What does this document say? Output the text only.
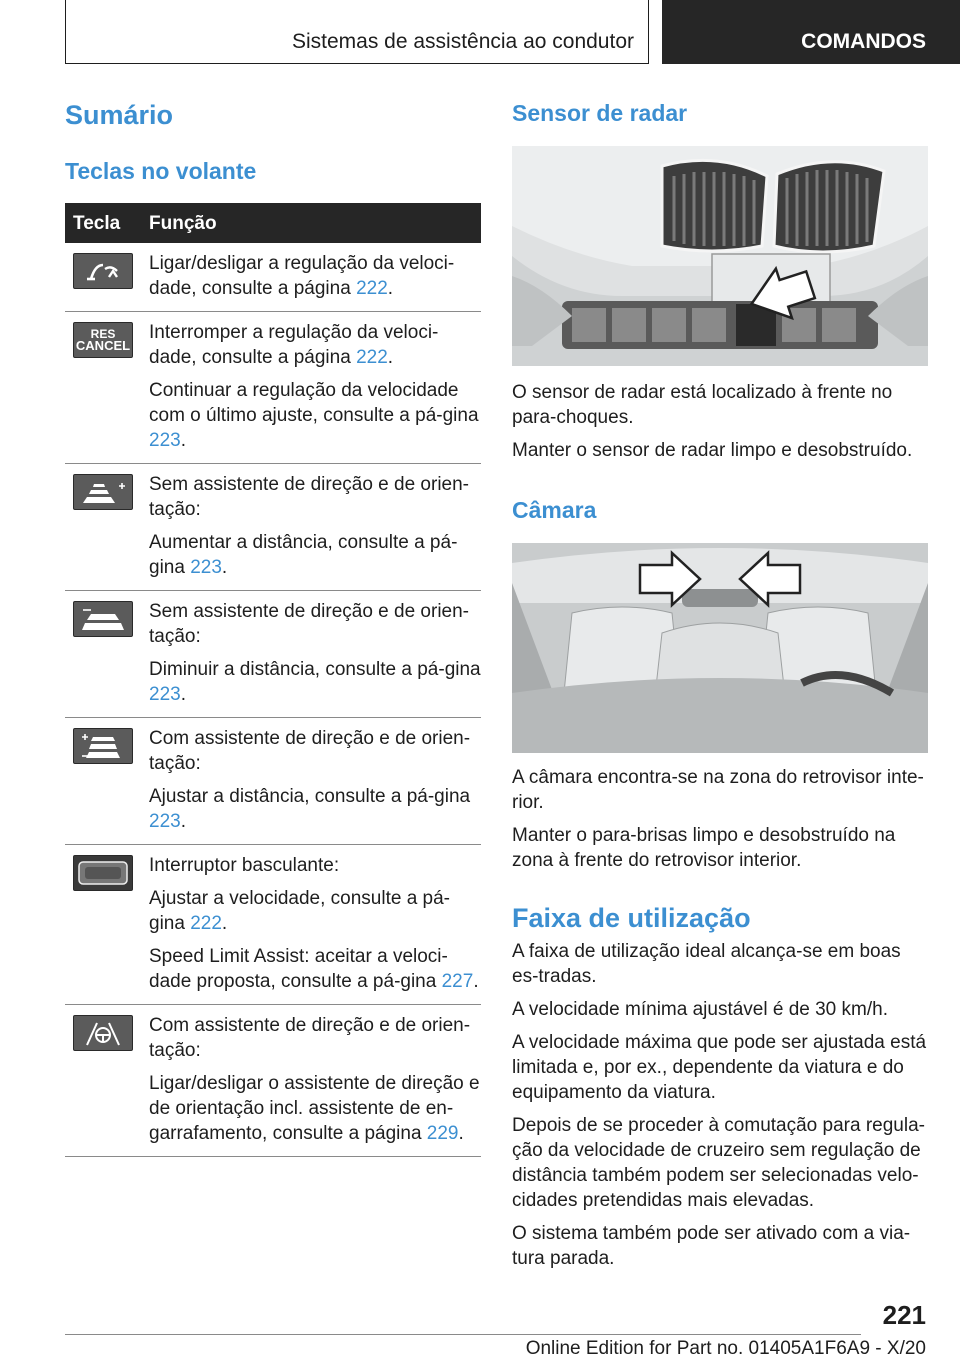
Sistemas de assistência ao condutor	COMANDOS
Sumário
Teclas no volante
Tecla Função

Ligar/desligar a regulação da veloci-dade, consulte a página 222.

RES
CANCEL

Interromper a regulação da veloci-dade, consulte a página 222.

Continuar a regulação da velocidade com o último ajuste, consulte a pá-gina 223.

Sem assistente de direção e de orien-tação:

Aumentar a distância, consulte a pá-gina 223.

Sem assistente de direção e de orien-tação:

Diminuir a distância, consulte a pá-gina 223.

Com assistente de direção e de orien-tação:

Ajustar a distância, consulte a pá-gina 223.

Interruptor basculante:

Ajustar a velocidade, consulte a pá-gina 222.

Speed Limit Assist: aceitar a veloci-dade proposta, consulte a pá-gina 227.

Com assistente de direção e de orien-tação:

Ligar/desligar o assistente de direção e de orientação incl. assistente de en-garrafamento, consulte a página 229.

Sensor de radar

O sensor de radar está localizado à frente no para-choques.

Manter o sensor de radar limpo e desobstruído.

Câmara

A câmara encontra-se na zona do retrovisor inte-rior.

Manter o para-brisas limpo e desobstruído na zona à frente do retrovisor interior.

Faixa de utilização

A faixa de utilização ideal alcança-se em boas es-tradas.

A velocidade mínima ajustável é de 30 km/h.

A velocidade máxima que pode ser ajustada está limitada e, por ex., dependente da viatura e do equipamento da viatura.

Depois de se proceder à comutação para regula-ção da velocidade de cruzeiro sem regulação de distância também podem ser selecionadas velo-cidades pretendidas mais elevadas.

O sistema também pode ser ativado com a via-tura parada.

221
Online Edition for Part no. 01405A1F6A9 - X/20
